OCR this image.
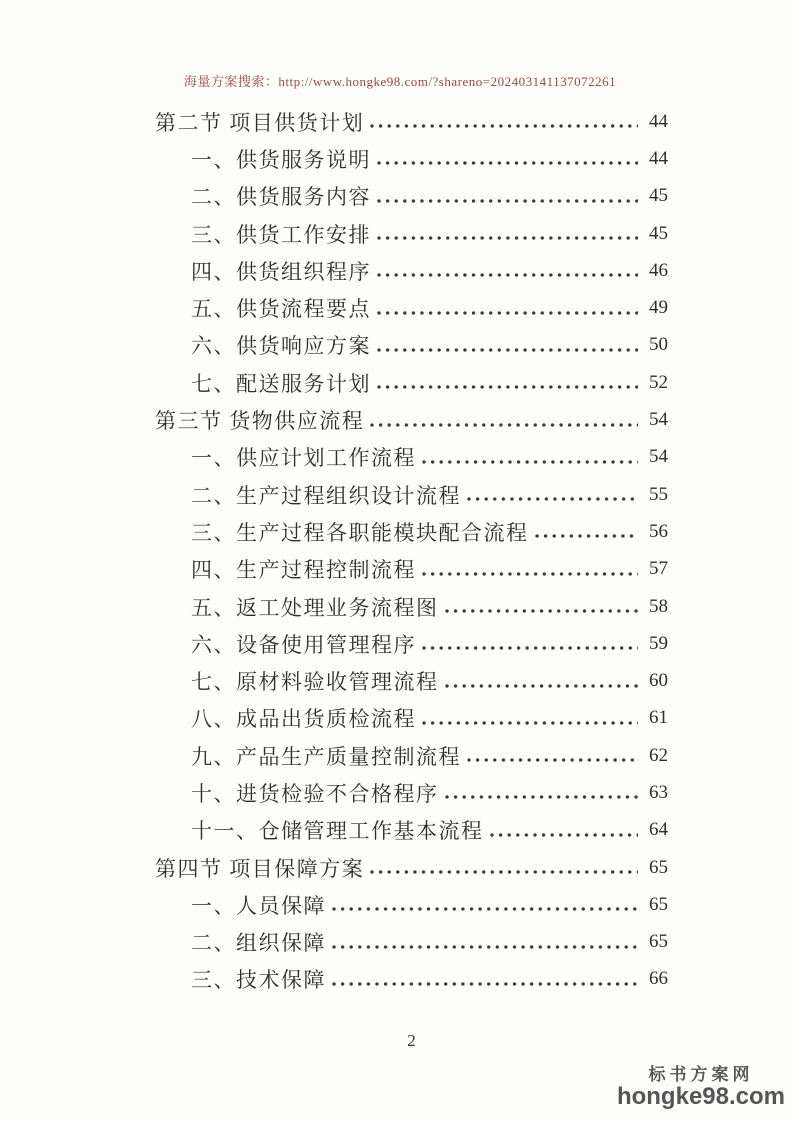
海量方案搜索：http://www.hongke98.com/?shareno=202403141137072261
第二节 项目供货计划	44
一、供货服务说明	44
二、供货服务内容	45
三、供货工作安排	45
四、供货组织程序	46
五、供货流程要点	49
六、供货响应方案	50
七、配送服务计划	52
第三节 货物供应流程	54
一、供应计划工作流程	54
二、生产过程组织设计流程	55
三、生产过程各职能模块配合流程	56
四、生产过程控制流程	57
五、返工处理业务流程图	58
六、设备使用管理程序	59
七、原材料验收管理流程	60
八、成品出货质检流程	61
九、产品生产质量控制流程	62
十、进货检验不合格程序	63
十一、仓储管理工作基本流程	64
第四节 项目保障方案	65
一、人员保障	65
二、组织保障	65
三、技术保障	66
2
标书方案网
hongke98.com
